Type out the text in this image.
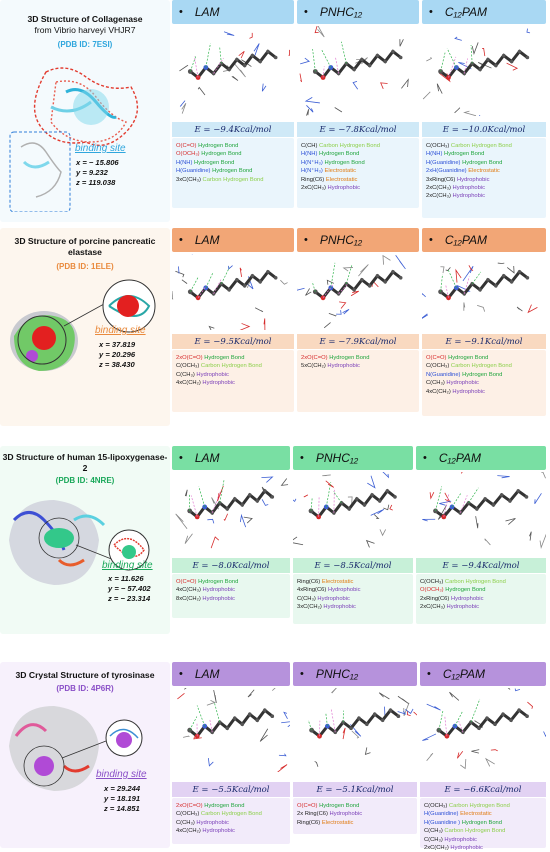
3D Structure of Collagenase
from Vibrio harveyi VHJR7
(PDB ID: 7ESI)
binding site
x = − 15.806
y = 9.232
z = 119.038
• LAM
E = −9.4Kcal/mol
O(C=O) Hydrogen Bond
O(OCH₃) Hydrogen Bond
H(NH) Hydrogen Bond
H(Guanidine) Hydrogen Bond
3xC(CH₃) Carbon Hydrogen Bond
• PNHC₁₂
E = −7.8Kcal/mol
C(CH) Carbon Hydrogen Bond
H(NH) Hydrogen Bond
H(N⁺H₃) Hydrogen Bond
H(N⁺H₃) Electrostatic
Ring(C6) Electrostatic
2xC(CH₃) Hydrophobic
• C₁₂PAM
E = −10.0Kcal/mol
C(OCH₃) Carbon Hydrogen Bond
H(NH) Hydrogen Bond
H(Guanidine) Hydrogen Bond
2xH(Guanidine) Electrostatic
3xRing(C6) Hydrophobic
2xC(CH₃) Hydrophobic
2xC(CH₃) Hydrophobic
3D Structure of porcine pancreatic elastase
(PDB ID: 1ELE)
binding site
x = 37.819
y = 20.296
z = 38.430
• LAM
E = −9.5Kcal/mol
2xO(C=O) Hydrogen Bond
C(OCH₃) Carbon Hydrogen Bond
C(CH₃) Hydrophobic
4xC(CH₂) Hydrophobic
• PNHC₁₂
E = −7.9Kcal/mol
2xO(C=O) Hydrogen Bond
5xC(CH₂) Hydrophobic
• C₁₂PAM
E = −9.1Kcal/mol
O(C=O) Hydrogen Bond
C(OCH₃) Carbon Hydrogen Bond
N(Guanidine) Hydrogen Bond
C(CH₃) Hydrophobic
4xC(CH₂) Hydrophobic
3D Structure of human 15-lipoxygenase-2
(PDB ID: 4NRE)
binding site
x = 11.626
y = − 57.402
z = − 23.314
• LAM
E = −8.0Kcal/mol
O(C=O) Hydrogen Bond
4xC(CH₃) Hydrophobic
8xC(CH₂) Hydrophobic
• PNHC₁₂
E = −8.5Kcal/mol
Ring(C6) Electrostatic
4xRing(C6) Hydrophobic
C(CH₃) Hydrophobic
3xC(CH₂) Hydrophobic
• C₁₂PAM
E = −9.4Kcal/mol
C(OCH₃) Carbon Hydrogen Bond
O(OCH₃) Hydrogen Bond
2xRing(C6) Hydrophobic
2xC(CH₃) Hydrophobic
3D Crystal Structure of tyrosinase
(PDB ID: 4P6R)
binding site
x = 29.244
y = 18.191
z = 14.851
• LAM
E = −5.5Kcal/mol
2xO(C=O) Hydrogen Bond
C(OCH₃) Carbon Hydrogen Bond
C(CH₃) Hydrophobic
4xC(CH₂) Hydrophobic
• PNHC₁₂
E = −5.1Kcal/mol
O(C=O) Hydrogen Bond
2x Ring(C6) Hydrophobic
Ring(C6) Electrostatic
• C₁₂PAM
E = −6.6Kcal/mol
C(OCH₃) Carbon Hydrogen Bond
H(Guanidine) Electrostatic
H(Guanidine ) Hydrogen Bond
C(CH₃) Carbon Hydrogen Bond
C(CH₃) Hydrophobic
2xC(CH₂) Hydrophobic
